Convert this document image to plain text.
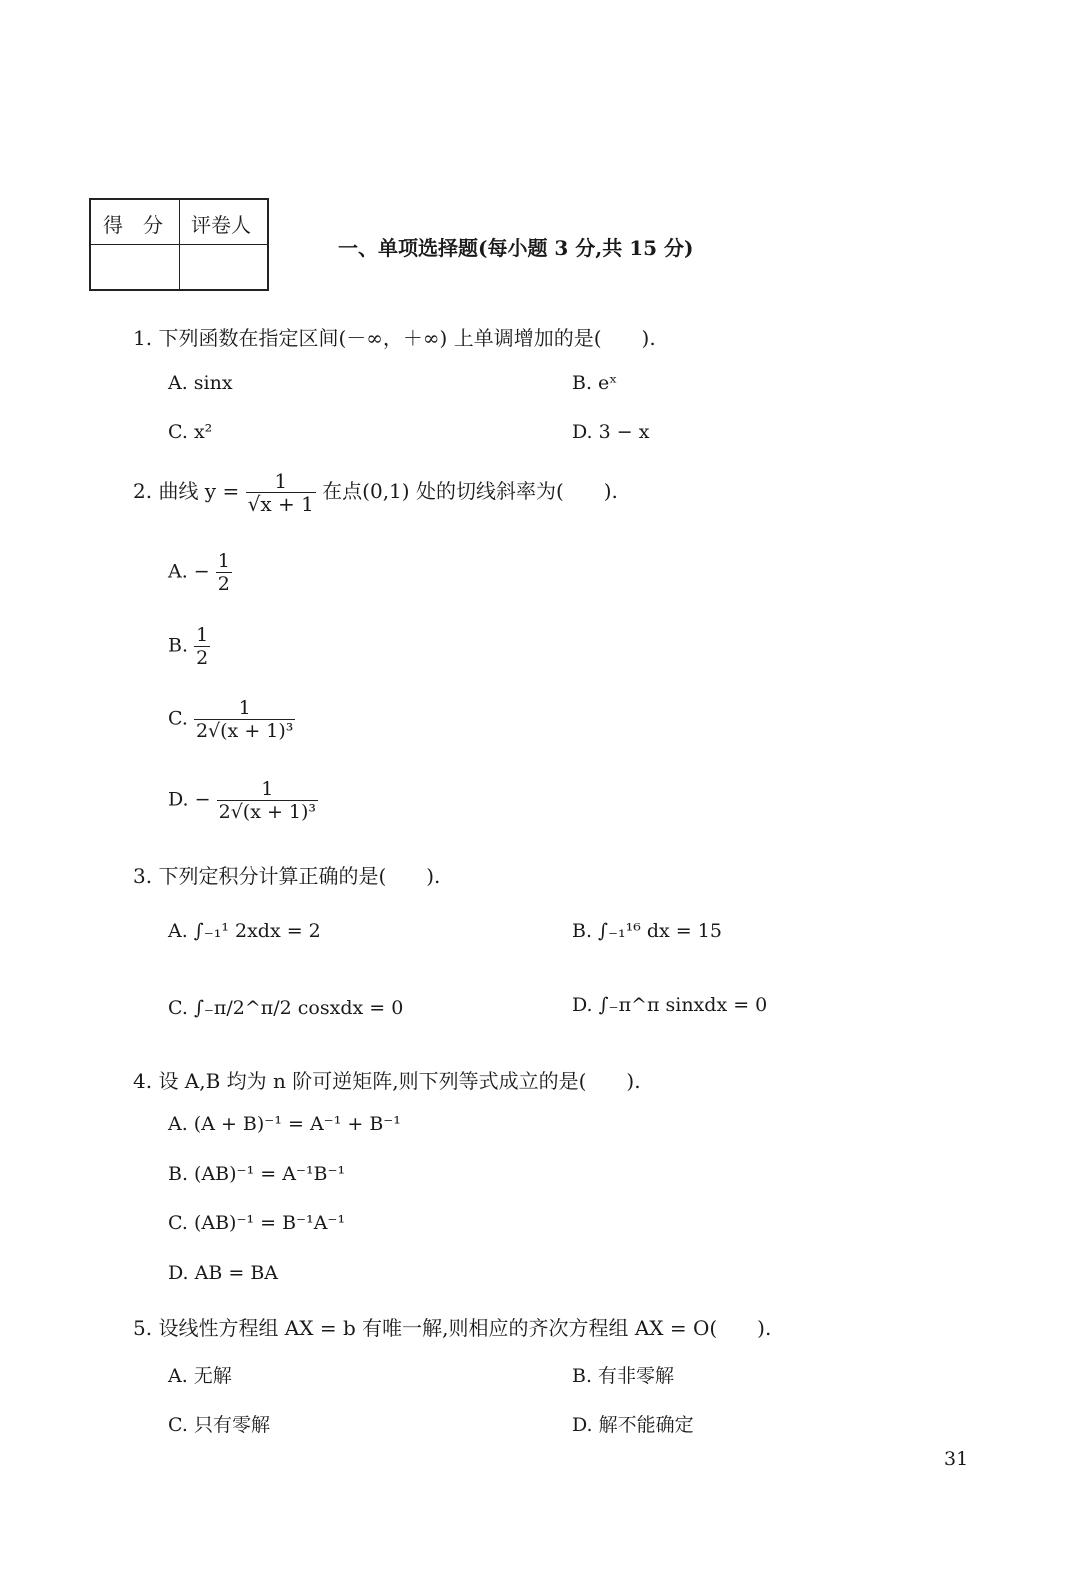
得　分 评卷人
一、单项选择题(每小题 3 分,共 15 分)
1. 下列函数在指定区间(－∞，＋∞) 上单调增加的是(　　).
A. sinx	B. eˣ
C. x²	D. 3 − x
2. 曲线 $y = \frac{1}{√x + 1}$ 在点(0,1) 处的切线斜率为(　　).
A. − $\frac{1}{2}$
B. $\frac{1}{2}$
C. $\frac{1}{\text{2√(x + 1)³}}$
D. − $\frac{1}{\text{2√(x + 1)³}}$
3. 下列定积分计算正确的是(　　).
A. ∫₋₁¹ 2xdx = 2	B. ∫₋₁¹⁶ dx = 15
C. ∫₋π/2^π/2 cosxdx = 0	D. ∫₋π^π sinxdx = 0
4. 设 A,B 均为 n 阶可逆矩阵,则下列等式成立的是(　　).
A. (A + B)⁻¹ = A⁻¹ + B⁻¹
B. (AB)⁻¹ = A⁻¹B⁻¹
C. (AB)⁻¹ = B⁻¹A⁻¹
D. AB = BA
5. 设线性方程组 AX = b 有唯一解,则相应的齐次方程组 AX = O(　　).
A. 无解	B. 有非零解
C. 只有零解	D. 解不能确定
31
